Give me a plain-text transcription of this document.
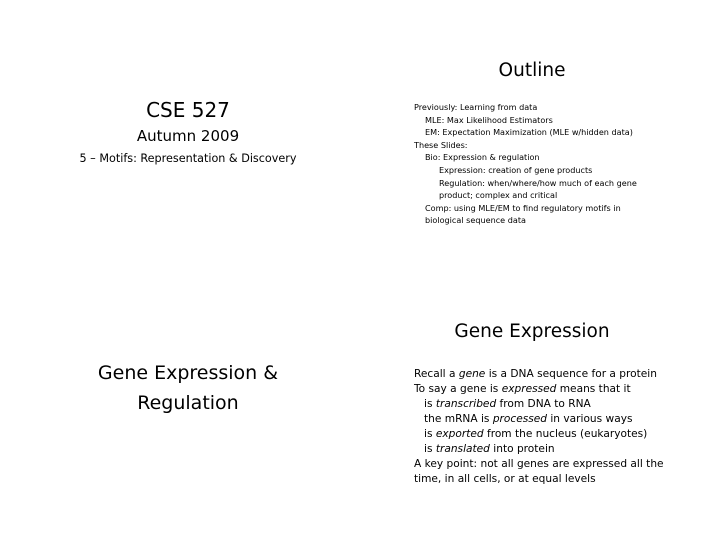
CSE 527
Autumn 2009
5 – Motifs: Representation & Discovery
Outline
Previously: Learning from data
MLE: Max Likelihood Estimators
EM: Expectation Maximization (MLE w/hidden data)
These Slides:
Bio: Expression & regulation
Expression: creation of gene products
Regulation: when/where/how much of each gene product; complex and critical
Comp: using MLE/EM to find regulatory motifs in biological sequence data
Gene Expression & Regulation
Gene Expression
Recall a gene is a DNA sequence for a protein
To say a gene is expressed means that it
is transcribed from DNA to RNA
the mRNA is processed in various ways
is exported from the nucleus (eukaryotes)
is translated into protein
A key point: not all genes are expressed all the time, in all cells, or at equal levels
